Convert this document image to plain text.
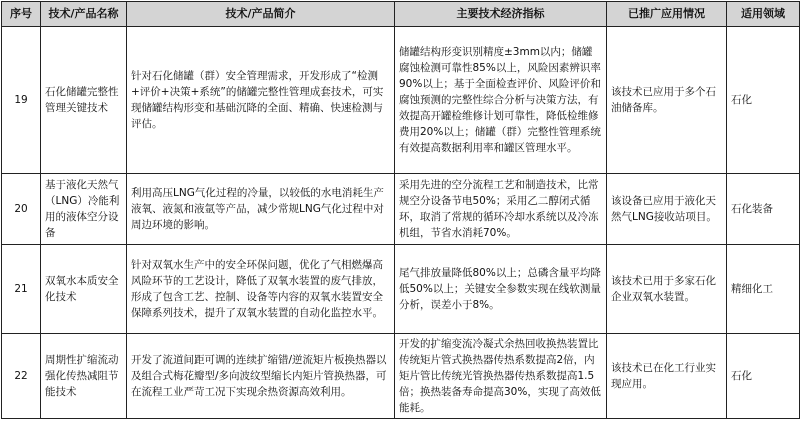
序号	技术/产品名称	技术/产品简介	主要技术经济指标	已推广应用情况	适用领域
19	石化储罐完整性管理关键技术	针对石化储罐（群）安全管理需求，开发形成了“检测+评价+决策+系统”的储罐完整性管理成套技术，可实现储罐结构形变和基础沉降的全面、精确、快速检测与评估。	储罐结构形变识别精度±3mm以内；储罐腐蚀检测可靠性85%以上，风险因素辨识率90%以上；基于全面检查评价、风险评价和腐蚀预测的完整性综合分析与决策方法，有效提高开罐检维修计划可靠性，降低检维修费用20%以上；储罐（群）完整性管理系统有效提高数据利用率和罐区管理水平。	该技术已应用于多个石油储备库。	石化
20	基于液化天然气（LNG）冷能利用的液体空分设备	利用高压LNG气化过程的冷量，以较低的水电消耗生产液氧、液氮和液氩等产品，减少常规LNG气化过程中对周边环境的影响。	采用先进的空分流程工艺和制造技术，比常规空分设备节电50%；采用乙二醇闭式循环，取消了常规的循环冷却水系统以及冷冻机组，节省水消耗70%。	该设备已应用于液化天然气LNG接收站项目。	石化装备
21	双氧水本质安全化技术	针对双氧水生产中的安全环保问题，优化了气相燃爆高风险环节的工艺设计，降低了双氧水装置的废气排放，形成了包含工艺、控制、设备等内容的双氧水装置安全保障系列技术，提升了双氧水装置的自动化监控水平。	尾气排放量降低80%以上；总磷含量平均降低50%以上；关键安全参数实现在线软测量分析，误差小于8%。	该技术已用于多家石化企业双氧水装置。	精细化工
22	周期性扩缩流动强化传热减阻节能技术	开发了流道间距可调的连续扩缩错/逆流矩片板换热器以及组合式梅花瓣型/多向波纹型缩长内矩片管换热器，可在流程工业严苛工况下实现余热资源高效利用。	开发的扩缩变流冷凝式余热回收换热装置比传统矩片管式换热器传热系数提高2倍，内矩片管比传统光管换热器传热系数提高1.5倍；换热装备寿命提高30%，实现了高效低能耗。	该技术已在化工行业实现应用。	石化
